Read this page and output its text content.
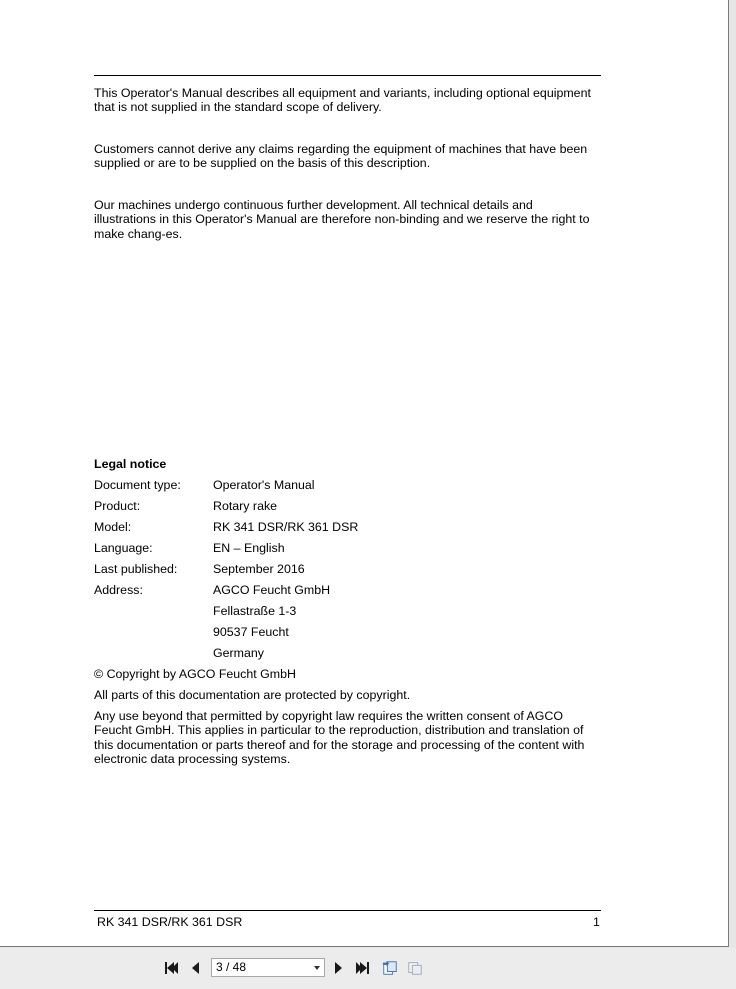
This Operator's Manual describes all equipment and variants, including optional equipment that is not supplied in the standard scope of delivery.
Customers cannot derive any claims regarding the equipment of machines that have been supplied or are to be supplied on the basis of this description.
Our machines undergo continuous further development. All technical details and illustrations in this Operator's Manual are therefore non-binding and we reserve the right to make chang-es.
Legal notice
Document type:	Operator's Manual
Product:	Rotary rake
Model:	RK 341 DSR/RK 361 DSR
Language:	EN – English
Last published:	September 2016
Address:	AGCO Feucht GmbH
Fellastraße 1-3
90537 Feucht
Germany
© Copyright by AGCO Feucht GmbH
All parts of this documentation are protected by copyright.
Any use beyond that permitted by copyright law requires the written consent of AGCO Feucht GmbH. This applies in particular to the reproduction, distribution and translation of this documentation or parts thereof and for the storage and processing of the content with electronic data processing systems.
RK 341 DSR/RK 361 DSR	1
3 / 48
